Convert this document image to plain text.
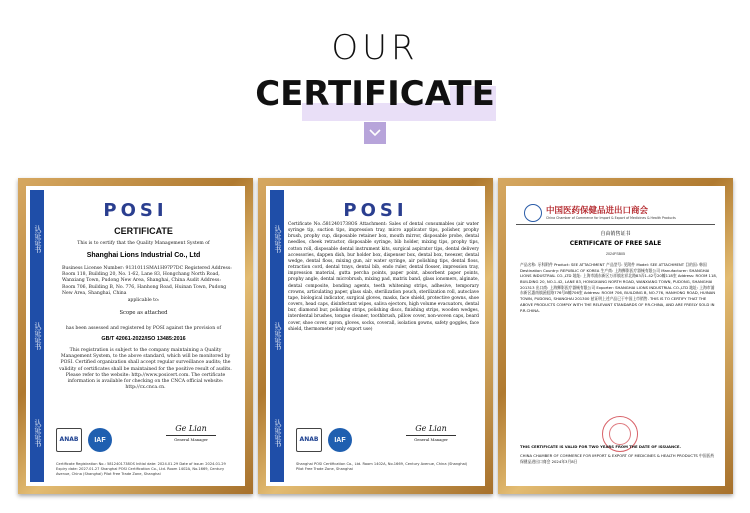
OUR
CERTIFICATE
认证证书
认证证书
认证证书
POSI
CERTIFICATE
This is to certify that the Quality Management System of
Shanghai Lions Industrial Co., Ltd
Business License Number: 9131011SMA1H97P7DC Registered Address: Room 118, Building 20, No. 1-62, Lane 83, Hongchang North Road, Wanxiang Town, Pudong New Area, Shanghai, China Audit Address: Room 706, Building B, No. 776, Hanhong Road, Huinan Town, Pudong New Area, Shanghai, China
applicable to:
Scope as attached
has been assessed and registered by POSI against the provision of
GB/T 42061-2022/ISO 13485:2016
This registration is subject to the company maintaining a Quality Management System, to the above standard, which will be monitored by POSI. Certified organization shall accept regular surveillance audits; the validity of certificates shall be maintained for the positive result of audits. Please refer to the website: http://www.posicert.com. The certificate information is available for checking on the CNCA official website: http://cx.cnca.cn.
ANAB	IAF
Ge Lian
General Manager
Certificate Registration No.: 5812401738OS Initial date: 2024.01.29 Date of issue: 2024.01.29 Expiry date: 2027.01.27 Shanghai POSI Certification Co., Ltd. Room 1402A, No.1669, Century Avenue, China (Shanghai) Pilot Free Trade Zone, Shanghai
认证证书
认证证书
认证证书
POSI
Certificate No.:5812401738OS Attachment: Sales of dental consumables (air water syringe tip, suction tips, impression tray, micro applicator tips, polisher, prophy brush, prophy cup, disposable retainer box, mouth mirror, disposable probe, dental needles, cheek retractor, disposable syringe, bib holder, mixing tips, prophy tips, cotton roll, disposable dental instrument kits, surgical aspirator tips, dental delivery accessories, dappen dish, bur holder box, dispenser box, dental box, tweezer, dental wedge, dental floss, mixing gun, air water syringe, air polishing tips, dental floss, retraction cord, dental trays, dental bib, endo ruler, dental flosser, impression tray, impression material, gutta percha points, paper point, absorbent paper points, prophy angle, dental microbrush, mixing pad, matrix band, glass ionomers, alginate, dental composite, bonding agents, teeth whitening strips, adhesive, temporary crowns, articulating paper, glass slab, sterilization pouch, sterilization roll, autoclave tape, biological indicator, surgical gloves, masks, face shield, protective gowns, shoe covers, head caps, disinfectant wipes, saliva ejectors, high volume evacuators, dental bur, diamond bur, polishing strips, polishing discs, finishing strips, wooden wedges, interdental brushes, tongue cleaner, toothbrush, pillow cover, non-woven caps, beard cover, shoe cover, apron, gloves, socks, coverall, isolation gowns, safety goggles, face shield, thermometer (only export use)
ANAB	IAF
Ge Lian
General Manager
Shanghai POSI Certification Co., Ltd. Room 1402A, No.1669, Century Avenue, China (Shanghai) Pilot Free Trade Zone, Shanghai
中国医药保健品进出口商会
China Chamber of Commerce for Import & Export of Medicines & Health Products
自由销售证书
CERTIFICATE OF FREE SALE
2024FSB05
产品名称: 牙科附件 Product: SEE ATTACHMENT 产品型号: 见附件 Model: SEE ATTACHMENT 目的国: 韩国 Destination Country: REPUBLIC OF KOREA 生产商: 上海狮影医疗器械有限公司 Manufacturer: SHANGHAI LIONS INDUSTRIAL CO.,LTD 地址: 上海市浦东新区万祥镇宏祥北路83弄1-42号20幢118室 Address: ROOM 118, BUILDING 20, NO.1-42, LANE 83, HONGXIANG NORTH ROAD, WANXIANG TOWN, PUDONG, SHANGHAI 201313 出口商: 上海狮影医疗器械有限公司 Exporter: SHANGHAI LIONS INDUSTRIAL CO.,LTD 地址: 上海市浦东新区惠南镇函虹路776号B幢706室 Address: ROOM 706, BUILDING B, NO.776, HANHONG ROAD, HUINAN TOWN, PUDONG, SHANGHAI 201300 兹证明上述产品已于中国上市销售. THIS IS TO CERTIFY THAT THE ABOVE PRODUCTS COMPLY WITH THE RELEVANT STANDARDS OF P.R.CHINA, AND ARE FREELY SOLD IN P.R.CHINA.
THIS CERTIFICATE IS VALID FOR TWO YEARS FROM THE DATE OF ISSUANCE.
CHINA CHAMBER OF COMMERCE FOR IMPORT & EXPORT OF MEDICINES & HEALTH PRODUCTS 中国医药保健品进出口商会 2024年3月8日
